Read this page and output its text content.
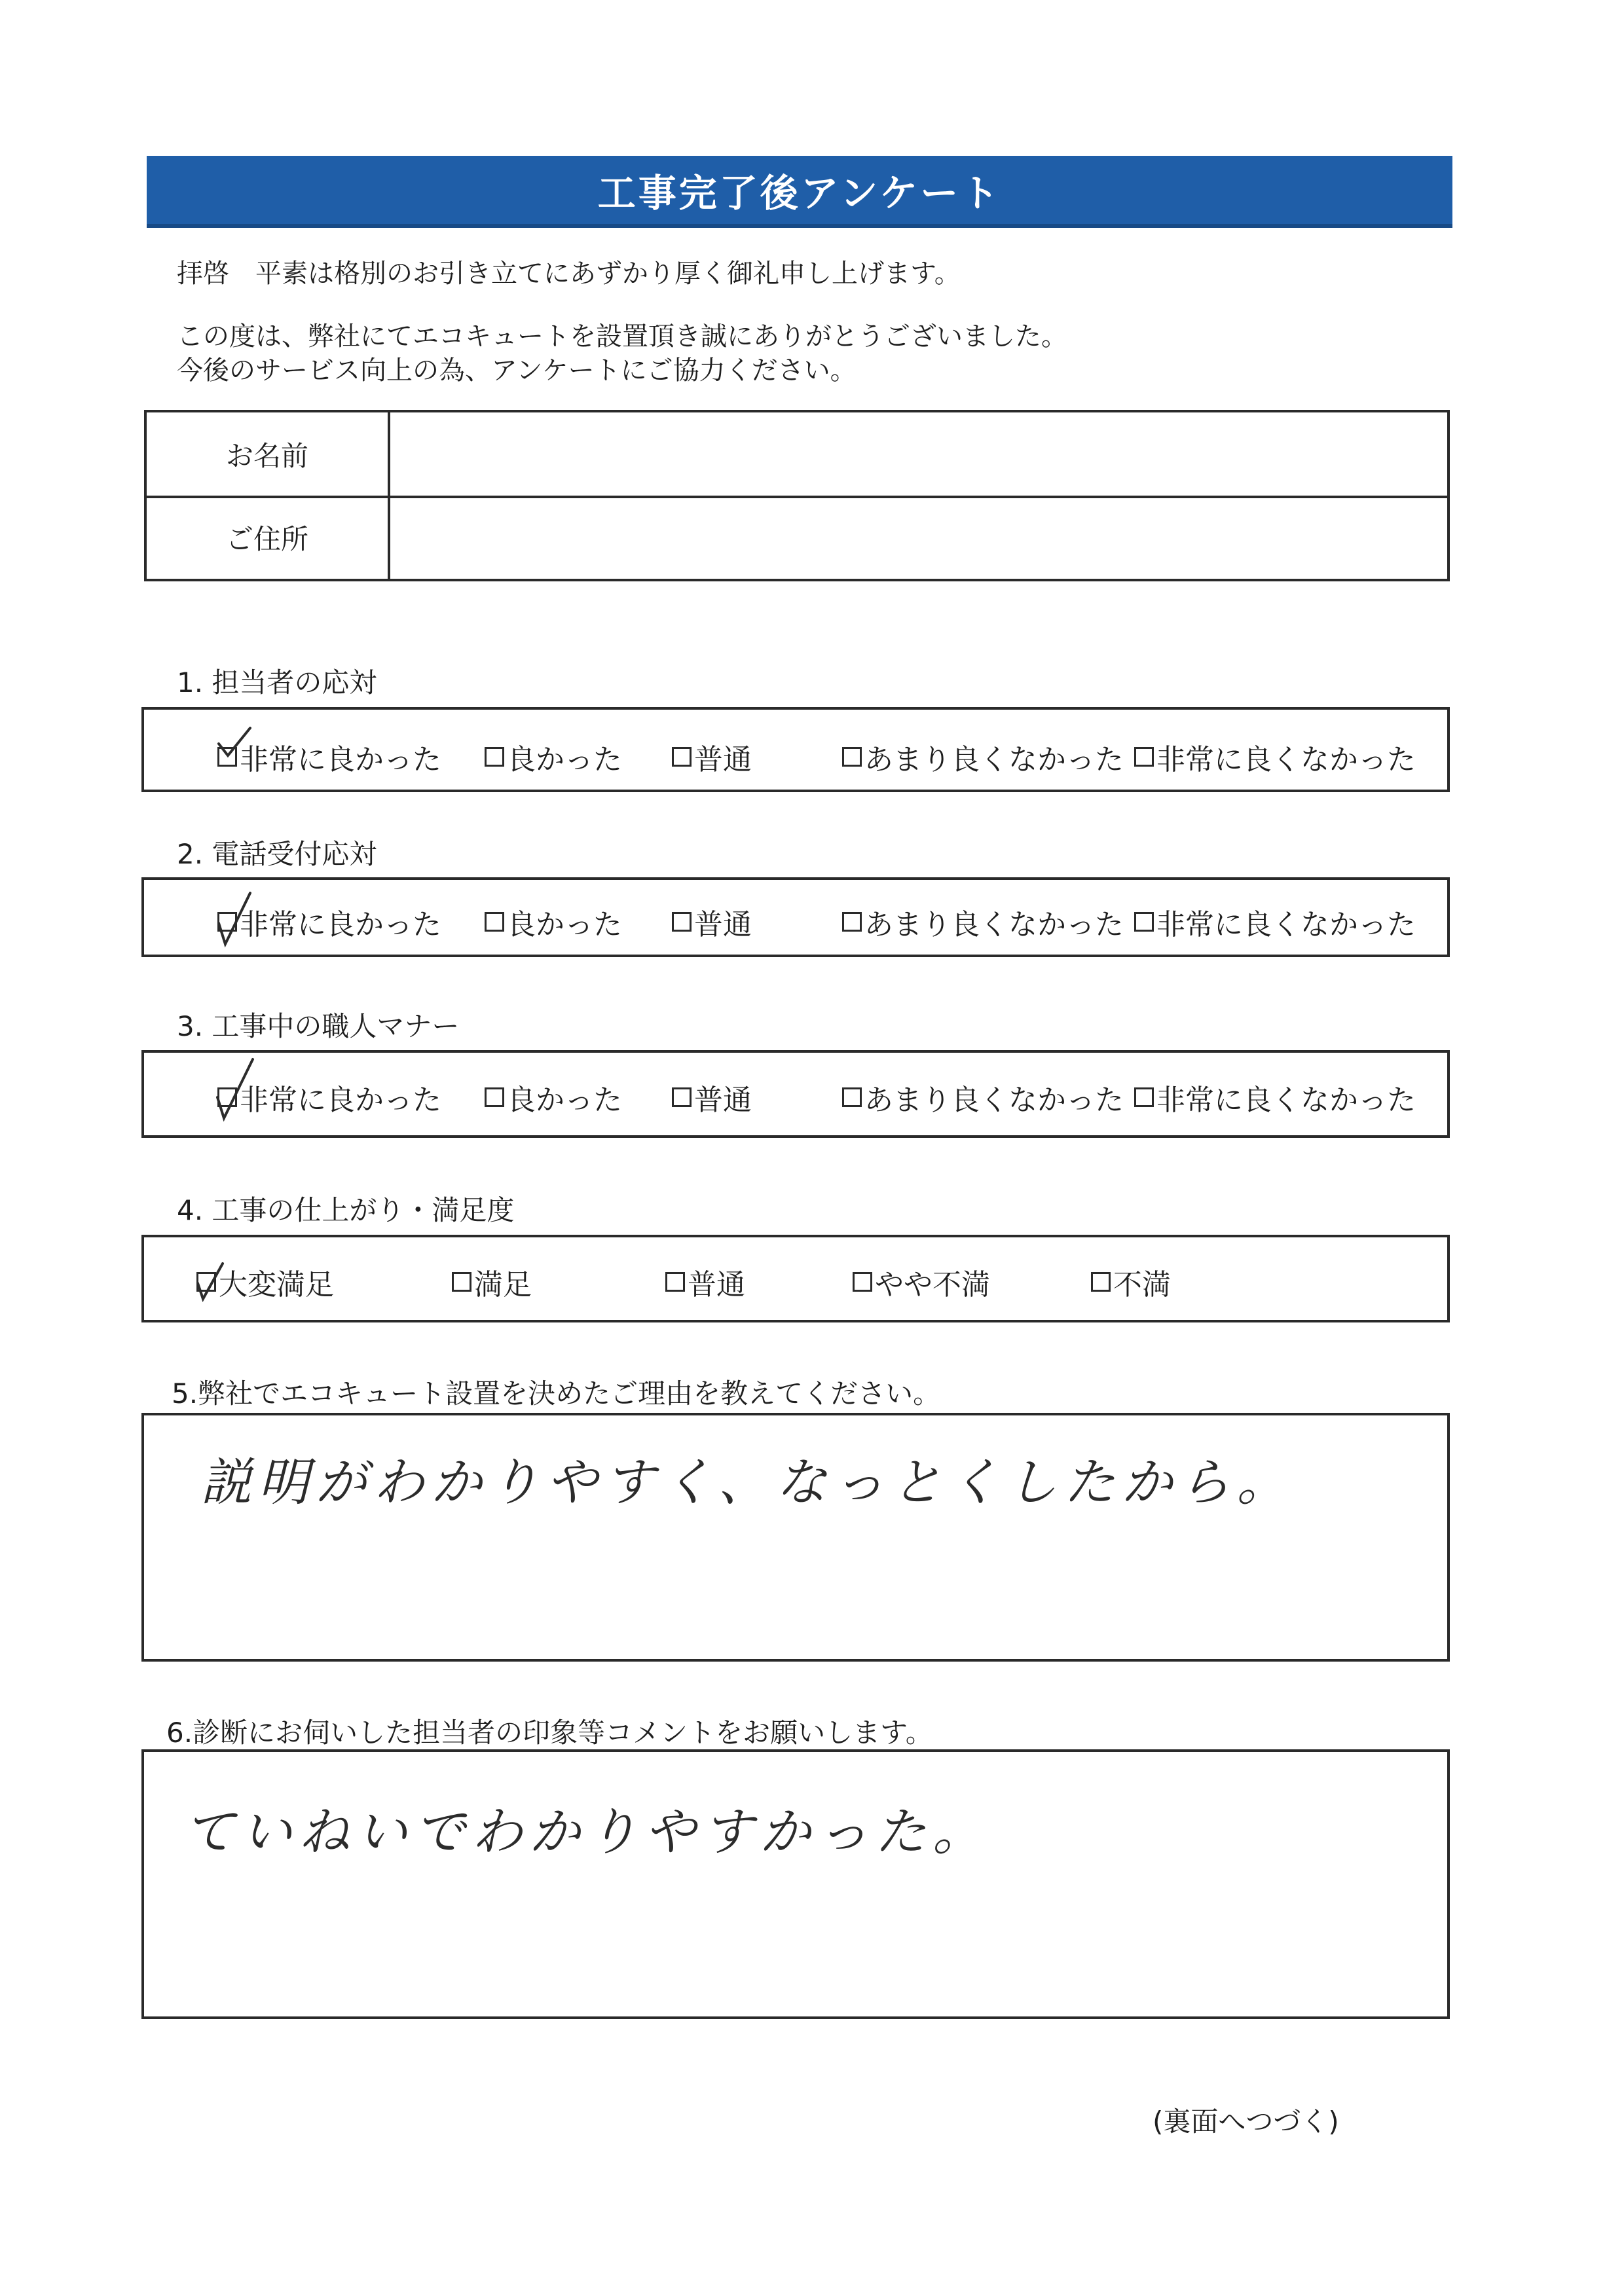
工事完了後アンケート
拝啓　平素は格別のお引き立てにあずかり厚く御礼申し上げます。
この度は、弊社にてエコキュートを設置頂き誠にありがとうございました。
今後のサービス向上の為、アンケートにご協力ください。
お名前
ご住所
1. 担当者の応対
非常に良かった 良かった	普通	あまり良くなかった 非常に良くなかった
2. 電話受付応対
非常に良かった 良かった	普通	あまり良くなかった 非常に良くなかった
3. 工事中の職人マナー
非常に良かった 良かった	普通	あまり良くなかった 非常に良くなかった
4. 工事の仕上がり・満足度
大変満足	満足	普通	やや不満	不満
5.弊社でエコキュート設置を決めたご理由を教えてください。
説明がわかりやすく、なっとくしたから。
6.診断にお伺いした担当者の印象等コメントをお願いします。
ていねいでわかりやすかった。
(裏面へつづく)
